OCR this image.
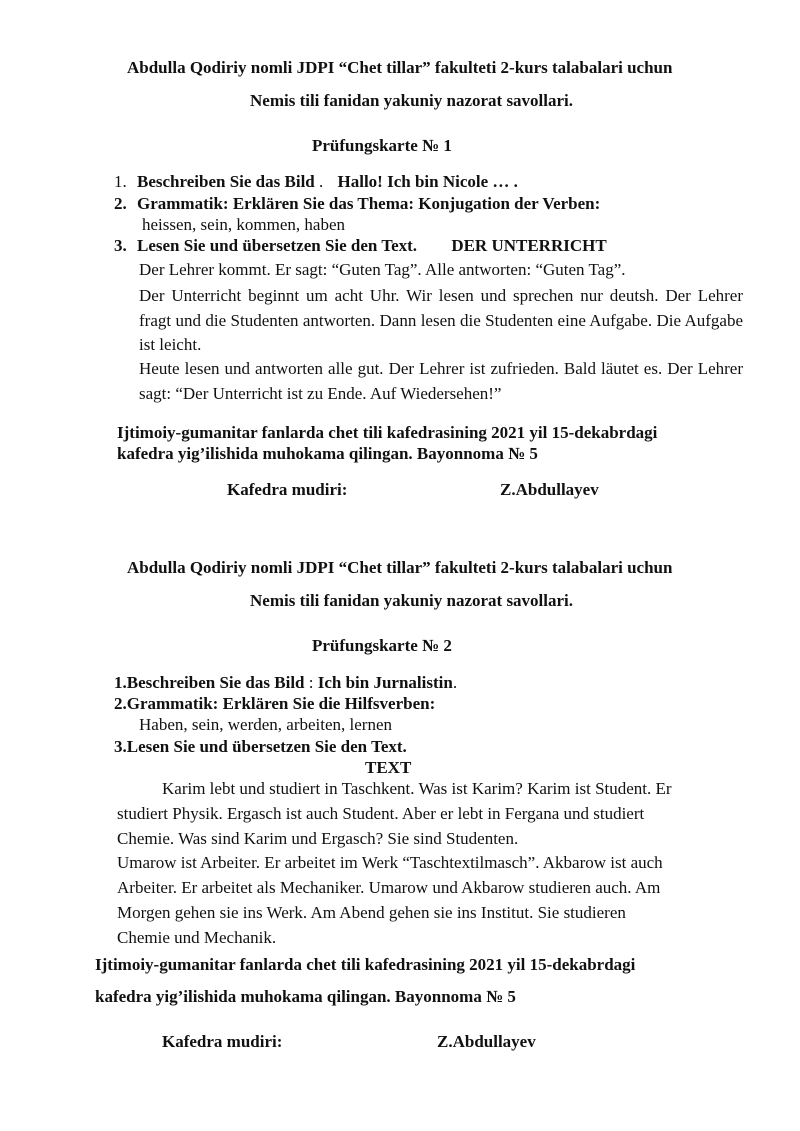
Abdulla Qodiriy nomli JDPI “Chet tillar” fakulteti 2-kurs talabalari uchun
Nemis tili fanidan yakuniy nazorat savollari.
Prüfungskarte № 1
1. Beschreiben Sie das Bild . Hallo! Ich bin Nicole … .
2. Grammatik: Erklären Sie das Thema: Konjugation der Verben:
heissen, sein, kommen, haben
3. Lesen Sie und übersetzen Sie den Text. DER UNTERRICHT
Der Lehrer kommt. Er sagt: “Guten Tag”. Alle antworten: “Guten Tag”.
Der Unterricht beginnt um acht Uhr. Wir lesen und sprechen nur deutsh. Der Lehrer fragt und die Studenten antworten. Dann lesen die Studenten eine Aufgabe. Die Aufgabe ist leicht.
Heute lesen und antworten alle gut. Der Lehrer ist zufrieden. Bald läutet es. Der Lehrer sagt: “Der Unterricht ist zu Ende. Auf Wiedersehen!”
Ijtimoiy-gumanitar fanlarda chet tili kafedrasining 2021 yil 15-dekabrdagi
kafedra yig’ilishida muhokama qilingan. Bayonnoma № 5
Kafedra mudiri:	Z.Abdullayev
Abdulla Qodiriy nomli JDPI “Chet tillar” fakulteti 2-kurs talabalari uchun
Nemis tili fanidan yakuniy nazorat savollari.
Prüfungskarte № 2
1.Beschreiben Sie das Bild : Ich bin Jurnalistin.
2.Grammatik: Erklären Sie die Hilfsverben:
Haben, sein, werden, arbeiten, lernen
3.Lesen Sie und übersetzen Sie den Text.
TEXT
Karim lebt und studiert in Taschkent. Was ist Karim? Karim ist Student. Er
studiert Physik. Ergasch ist auch Student. Aber er lebt in Fergana und studiert
Chemie. Was sind Karim und Ergasch? Sie sind Studenten.
Umarow ist Arbeiter. Er arbeitet im Werk “Taschtextilmasch”. Akbarow ist auch
Arbeiter. Er arbeitet als Mechaniker. Umarow und Akbarow studieren auch. Am
Morgen gehen sie ins Werk. Am Abend gehen sie ins Institut. Sie studieren
Chemie und Mechanik.
Ijtimoiy-gumanitar fanlarda chet tili kafedrasining 2021 yil 15-dekabrdagi
kafedra yig’ilishida muhokama qilingan. Bayonnoma № 5
Kafedra mudiri:	Z.Abdullayev
